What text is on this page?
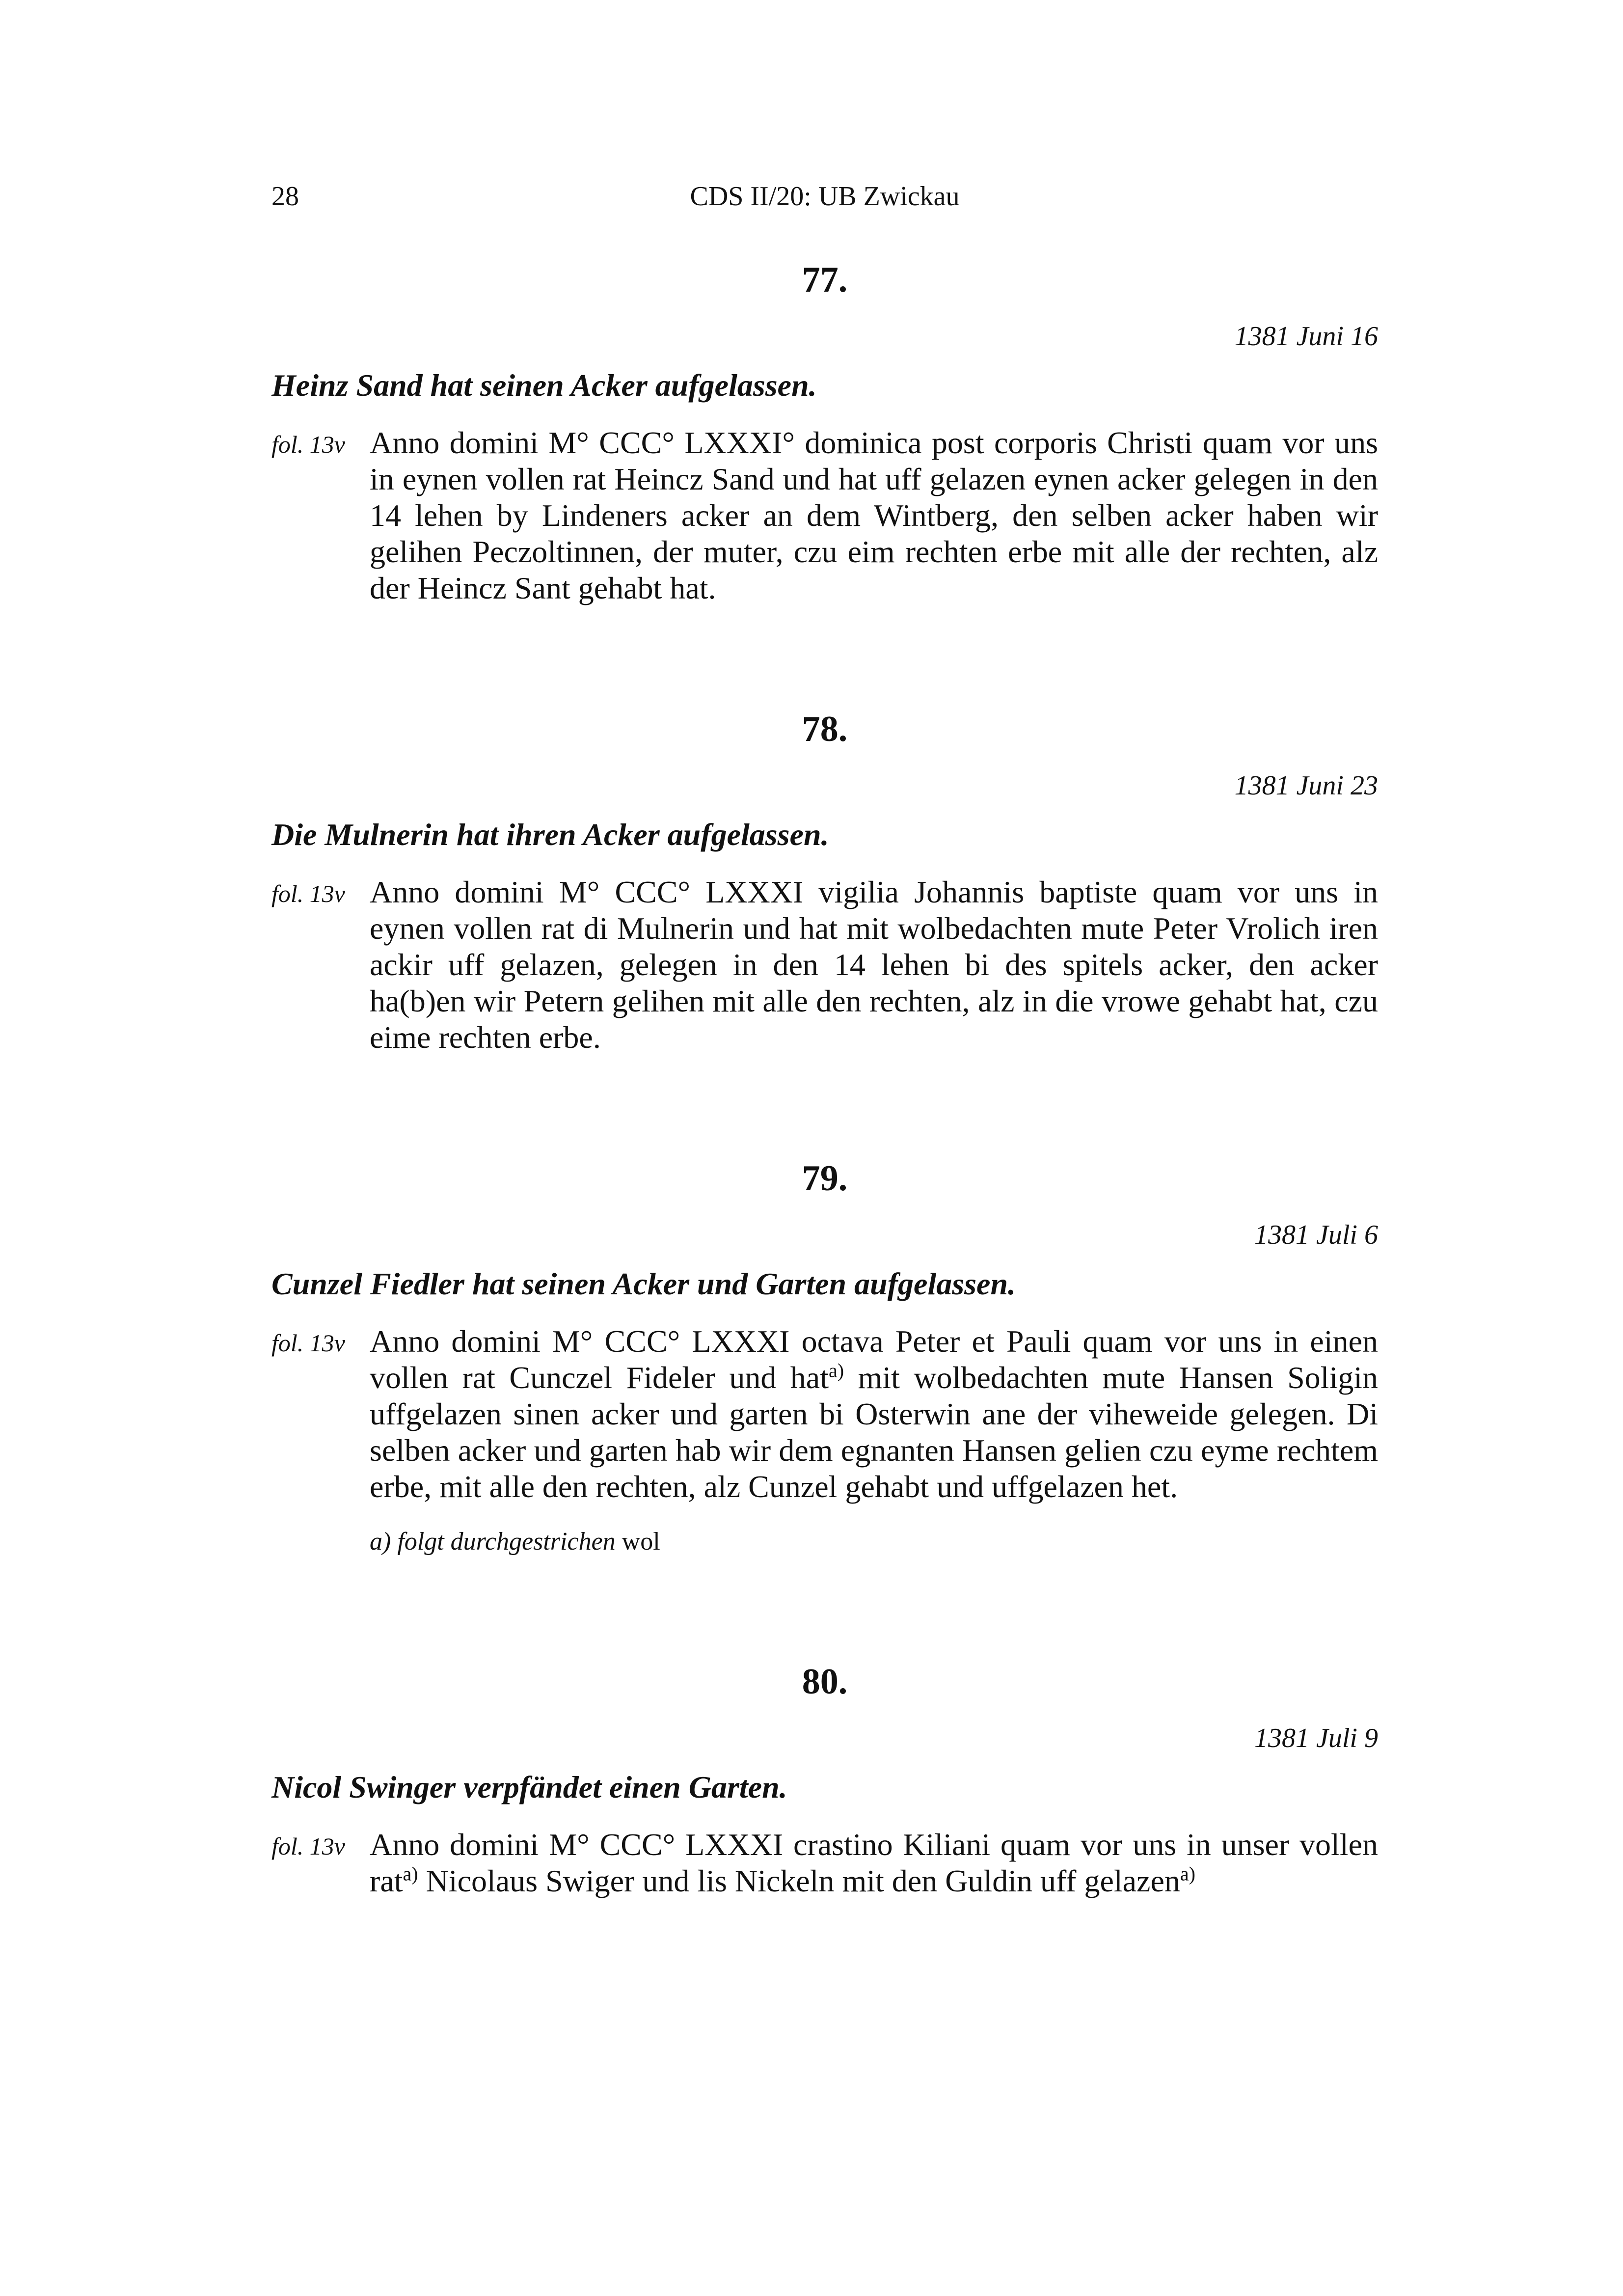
28	CDS II/20: UB Zwickau
77.
1381 Juni 16
Heinz Sand hat seinen Acker aufgelassen.
fol. 13v Anno domini M° CCC° LXXXI° dominica post corporis Christi quam vor uns in eynen vollen rat Heincz Sand und hat uff gelazen eynen acker gelegen in den 14 lehen by Lindeners acker an dem Wintberg, den selben acker haben wir gelihen Peczoltinnen, der muter, czu eim rechten erbe mit alle der rechten, alz der Heincz Sant gehabt hat.
78.
1381 Juni 23
Die Mulnerin hat ihren Acker aufgelassen.
fol. 13v Anno domini M° CCC° LXXXI vigilia Johannis baptiste quam vor uns in eynen vollen rat di Mulnerin und hat mit wolbedachten mute Peter Vrolich iren ackir uff gelazen, gelegen in den 14 lehen bi des spitels acker, den acker ha(b)en wir Petern gelihen mit alle den rechten, alz in die vrowe gehabt hat, czu eime rechten erbe.
79.
1381 Juli 6
Cunzel Fiedler hat seinen Acker und Garten aufgelassen.
fol. 13v Anno domini M° CCC° LXXXI octava Peter et Pauli quam vor uns in einen vollen rat Cunczel Fideler und hat$^{a)}$ mit wolbedachten mute Hansen Soligin uffgelazen sinen acker und garten bi Osterwin ane der viheweide gelegen. Di selben acker und garten hab wir dem egnanten Hansen gelien czu eyme rechtem erbe, mit alle den rechten, alz Cunzel gehabt und uffgelazen het.
a) folgt durchgestrichen wol
80.
1381 Juli 9
Nicol Swinger verpfändet einen Garten.
fol. 13v Anno domini M° CCC° LXXXI crastino Kiliani quam vor uns in unser vollen rat$^{a)}$ Nicolaus Swiger und lis Nickeln mit den Guldin uff gelazen$^{a)}$
